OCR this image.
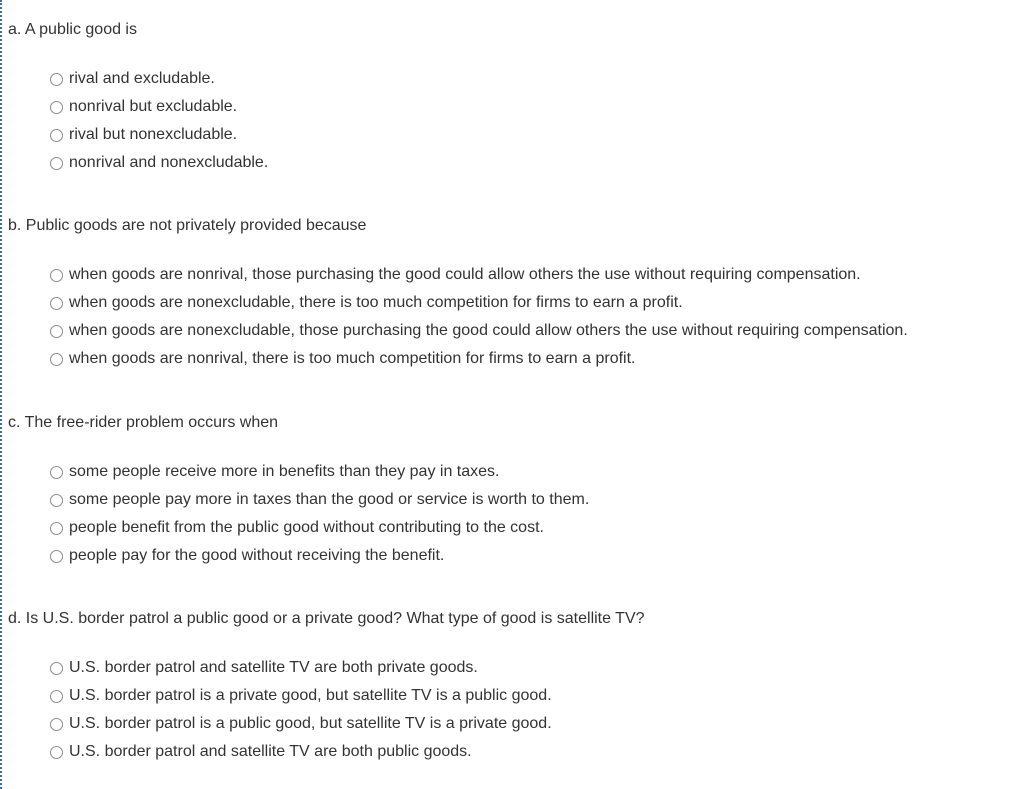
a. A public good is
rival and excludable.
nonrival but excludable.
rival but nonexcludable.
nonrival and nonexcludable.
b. Public goods are not privately provided because
when goods are nonrival, those purchasing the good could allow others the use without requiring compensation.
when goods are nonexcludable, there is too much competition for firms to earn a profit.
when goods are nonexcludable, those purchasing the good could allow others the use without requiring compensation.
when goods are nonrival, there is too much competition for firms to earn a profit.
c. The free-rider problem occurs when
some people receive more in benefits than they pay in taxes.
some people pay more in taxes than the good or service is worth to them.
people benefit from the public good without contributing to the cost.
people pay for the good without receiving the benefit.
d. Is U.S. border patrol a public good or a private good? What type of good is satellite TV?
U.S. border patrol and satellite TV are both private goods.
U.S. border patrol is a private good, but satellite TV is a public good.
U.S. border patrol is a public good, but satellite TV is a private good.
U.S. border patrol and satellite TV are both public goods.
